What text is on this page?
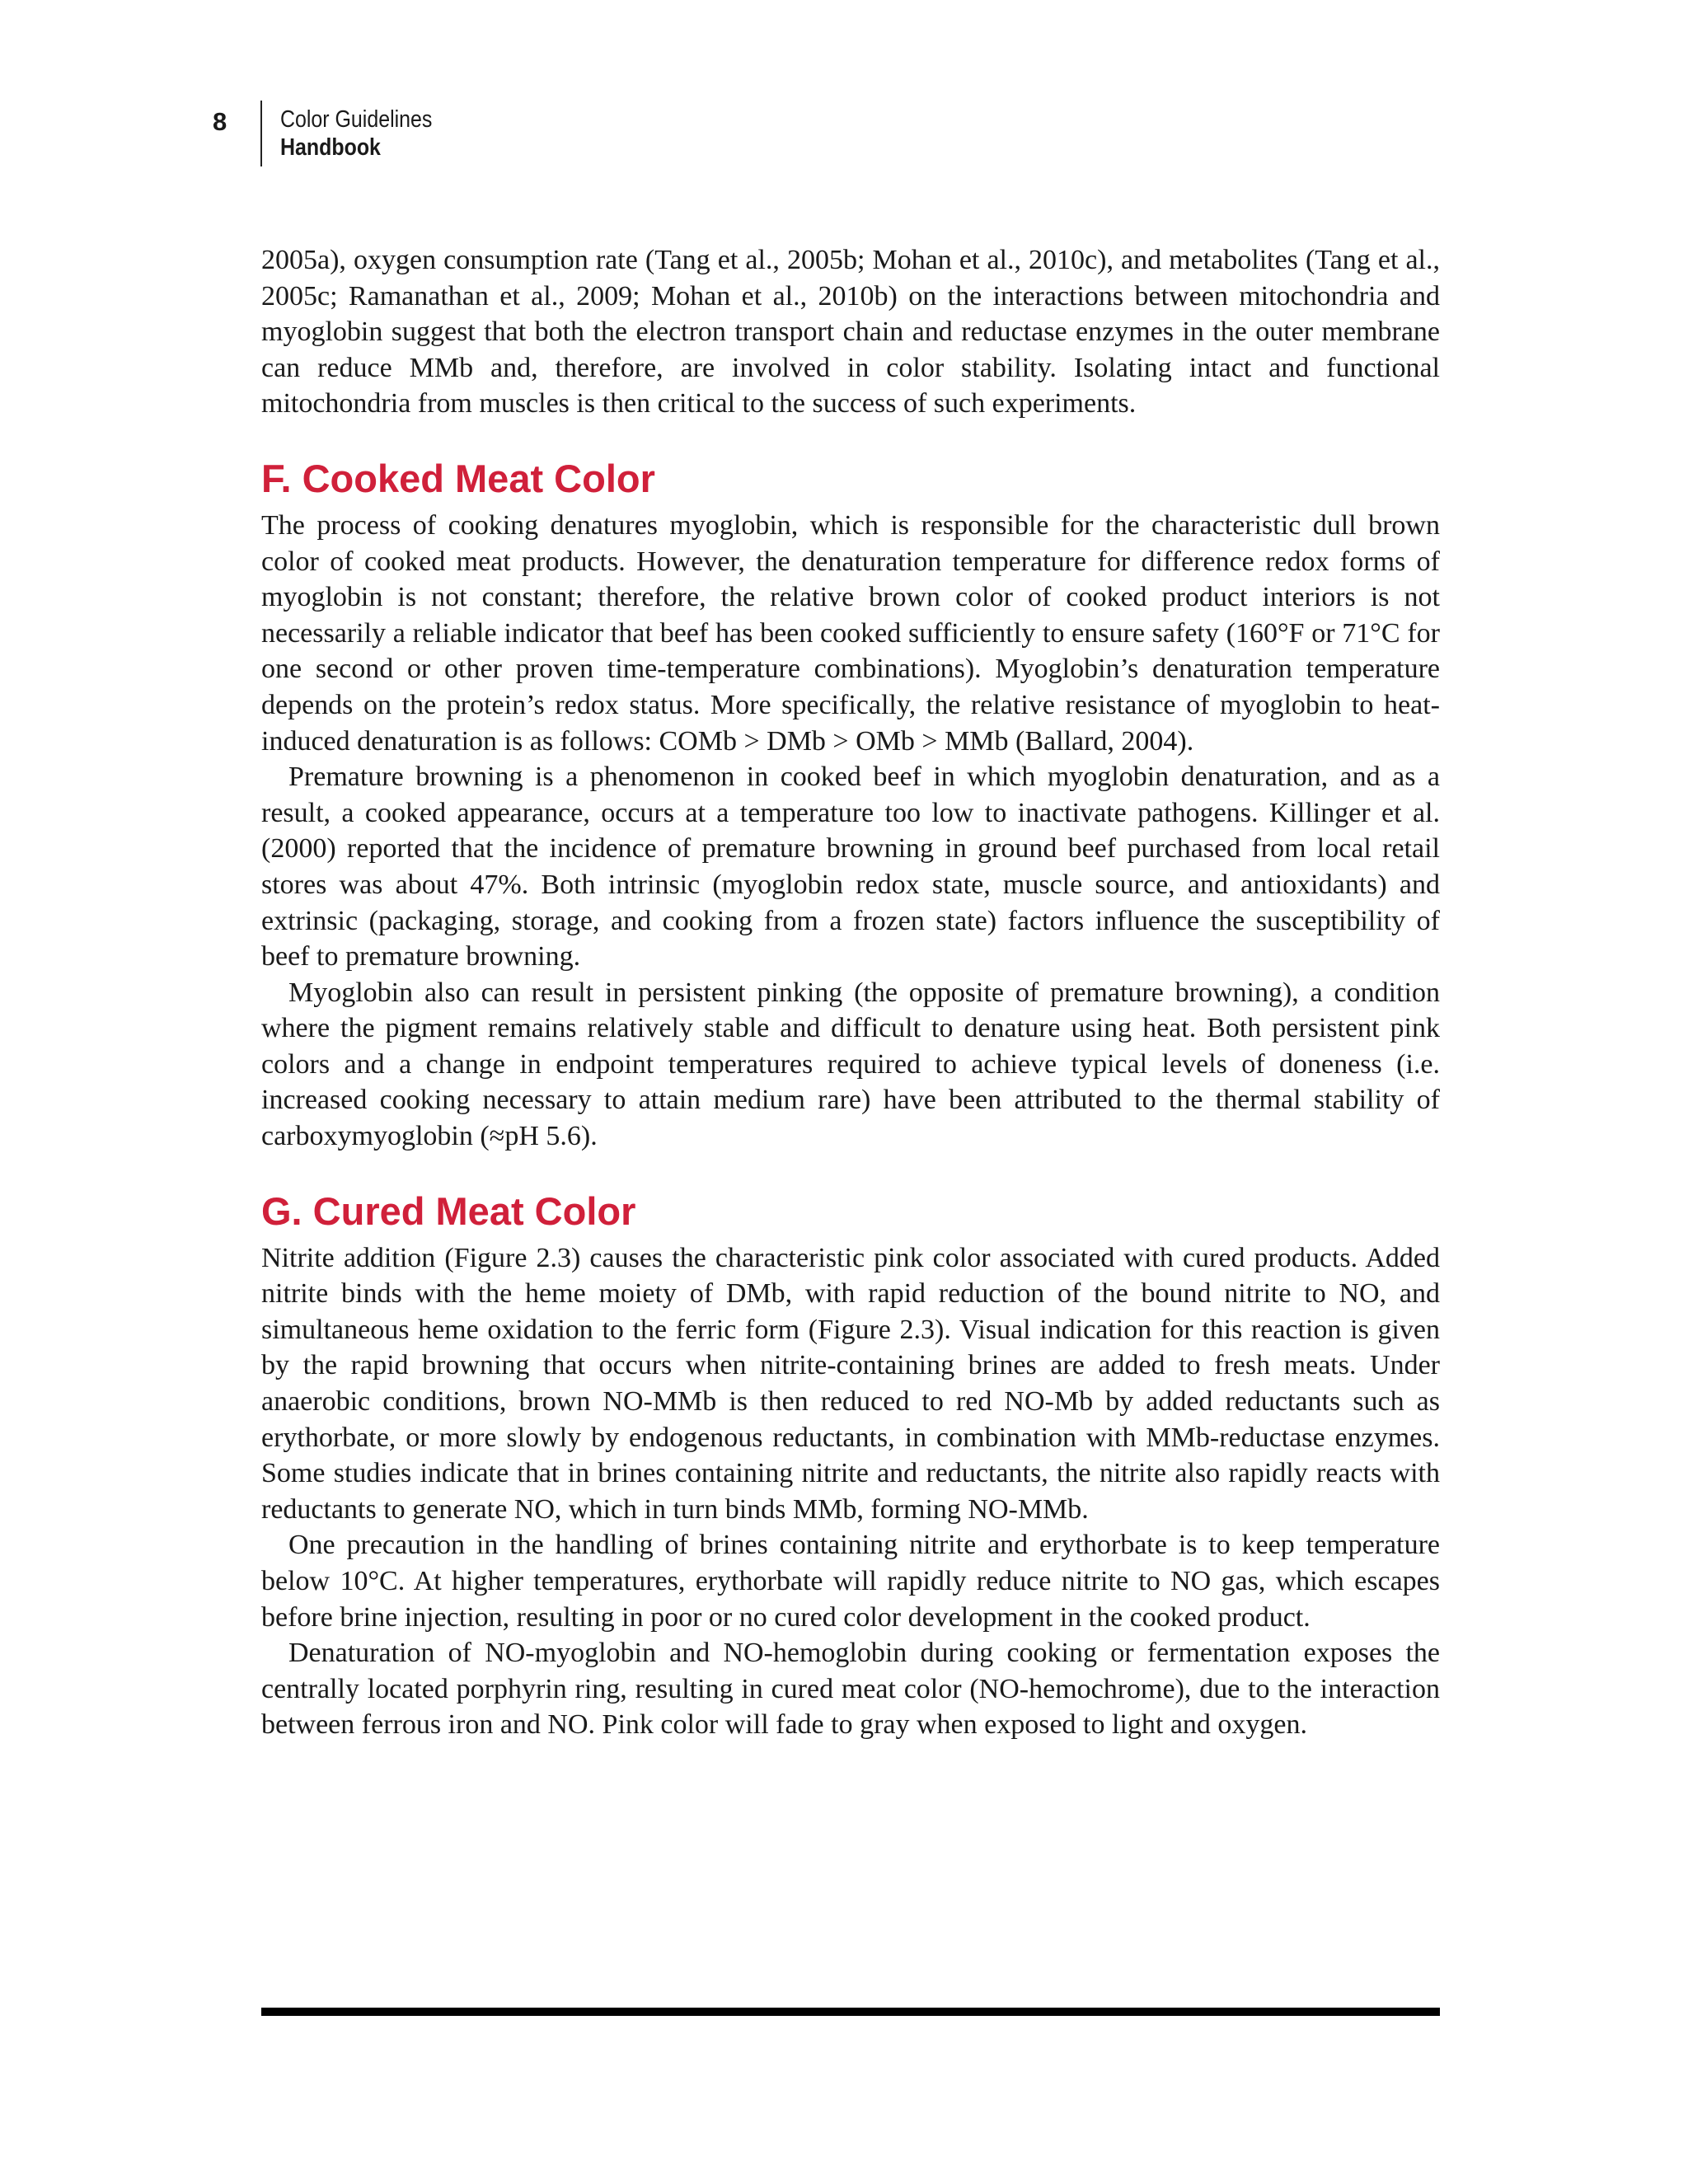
8 Color Guidelines
Handbook

2005a), oxygen consumption rate (Tang et al., 2005b; Mohan et al., 2010c), and metabolites (Tang et al., 2005c; Ramanathan et al., 2009; Mohan et al., 2010b) on the interactions between mitochondria and myoglobin suggest that both the electron transport chain and reductase enzymes in the outer membrane can reduce MMb and, therefore, are involved in color stability. Isolating intact and functional mitochondria from muscles is then critical to the success of such experiments.

F. Cooked Meat Color

The process of cooking denatures myoglobin, which is responsible for the characteristic dull brown color of cooked meat products. However, the denaturation temperature for difference redox forms of myoglobin is not constant; therefore, the relative brown color of cooked product interiors is not necessarily a reliable indicator that beef has been cooked sufficiently to ensure safety (160°F or 71°C for one second or other proven time-temperature combinations). Myoglobin’s denaturation temperature depends on the protein’s redox status. More specifically, the relative resistance of myoglobin to heat-induced denaturation is as follows: COMb > DMb > OMb > MMb (Ballard, 2004).

Premature browning is a phenomenon in cooked beef in which myoglobin denaturation, and as a result, a cooked appearance, occurs at a temperature too low to inactivate pathogens. Killinger et al. (2000) reported that the incidence of premature browning in ground beef purchased from local retail stores was about 47%. Both intrinsic (myoglobin redox state, muscle source, and antioxidants) and extrinsic (packaging, storage, and cooking from a frozen state) factors influence the susceptibility of beef to premature browning.

Myoglobin also can result in persistent pinking (the opposite of premature browning), a condition where the pigment remains relatively stable and difficult to denature using heat. Both persistent pink colors and a change in endpoint temperatures required to achieve typical levels of doneness (i.e. increased cooking necessary to attain medium rare) have been attributed to the thermal stability of carboxymyoglobin (≈pH 5.6).

G. Cured Meat Color

Nitrite addition (Figure 2.3) causes the characteristic pink color associated with cured products. Added nitrite binds with the heme moiety of DMb, with rapid reduction of the bound nitrite to NO, and simultaneous heme oxidation to the ferric form (Figure 2.3). Visual indication for this reaction is given by the rapid browning that occurs when nitrite-containing brines are added to fresh meats. Under anaerobic conditions, brown NO-MMb is then reduced to red NO-Mb by added reductants such as erythorbate, or more slowly by endogenous reductants, in combination with MMb-reductase enzymes. Some studies indicate that in brines containing nitrite and reductants, the nitrite also rapidly reacts with reductants to generate NO, which in turn binds MMb, forming NO-MMb.

One precaution in the handling of brines containing nitrite and erythorbate is to keep temperature below 10°C. At higher temperatures, erythorbate will rapidly reduce nitrite to NO gas, which escapes before brine injection, resulting in poor or no cured color development in the cooked product.

Denaturation of NO-myoglobin and NO-hemoglobin during cooking or fermentation exposes the centrally located porphyrin ring, resulting in cured meat color (NO-hemochrome), due to the interaction between ferrous iron and NO. Pink color will fade to gray when exposed to light and oxygen.
